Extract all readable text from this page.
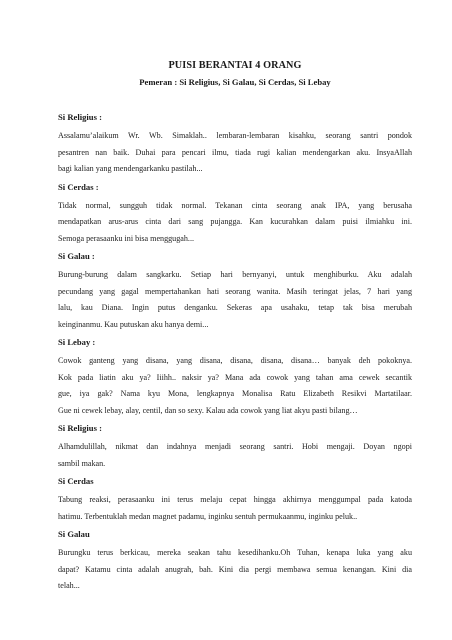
PUISI BERANTAI 4 ORANG
Pemeran : Si Religius, Si Galau, Si Cerdas, Si Lebay
Si Religius :
Assalamu’alaikum Wr. Wb. Simaklah.. lembaran-lembaran kisahku, seorang santri pondok
pesantren nan baik. Duhai para pencari ilmu, tiada rugi kalian mendengarkan aku. InsyaAllah
bagi kalian yang mendengarkanku pastilah...
Si Cerdas :
Tidak normal, sungguh tidak normal. Tekanan cinta seorang anak IPA, yang berusaha
mendapatkan arus-arus cinta dari sang pujangga. Kan kucurahkan dalam puisi ilmiahku ini.
Semoga perasaanku ini bisa menggugah...
Si Galau :
Burung-burung dalam sangkarku. Setiap hari bernyanyi, untuk menghiburku. Aku adalah
pecundang yang gagal mempertahankan hati seorang wanita. Masih teringat jelas, 7 hari yang
lalu, kau Diana. Ingin putus denganku. Sekeras apa usahaku, tetap tak bisa merubah
keinginanmu. Kau putuskan aku hanya demi...
Si Lebay :
Cowok ganteng yang disana, yang disana, disana, disana, disana… banyak deh pokoknya.
Kok pada liatin aku ya? Iiihh.. naksir ya? Mana ada cowok yang tahan ama cewek secantik
gue, iya gak? Nama kyu Mona, lengkapnya Monalisa Ratu Elizabeth Resikvi Martatilaar.
Gue ni cewek lebay, alay, centil, dan so sexy. Kalau ada cowok yang liat akyu pasti bilang…
Si Religius :
Alhamdulillah, nikmat dan indahnya menjadi seorang santri. Hobi mengaji. Doyan ngopi
sambil makan.
Si Cerdas
Tabung reaksi, perasaanku ini terus melaju cepat hingga akhirnya menggumpal pada katoda
hatimu. Terbentuklah medan magnet padamu, inginku sentuh permukaanmu, inginku peluk..
Si Galau
Burungku terus berkicau, mereka seakan tahu kesedihanku.Oh Tuhan, kenapa luka yang aku
dapat? Katamu cinta adalah anugrah, bah. Kini dia pergi membawa semua kenangan. Kini dia
telah...
